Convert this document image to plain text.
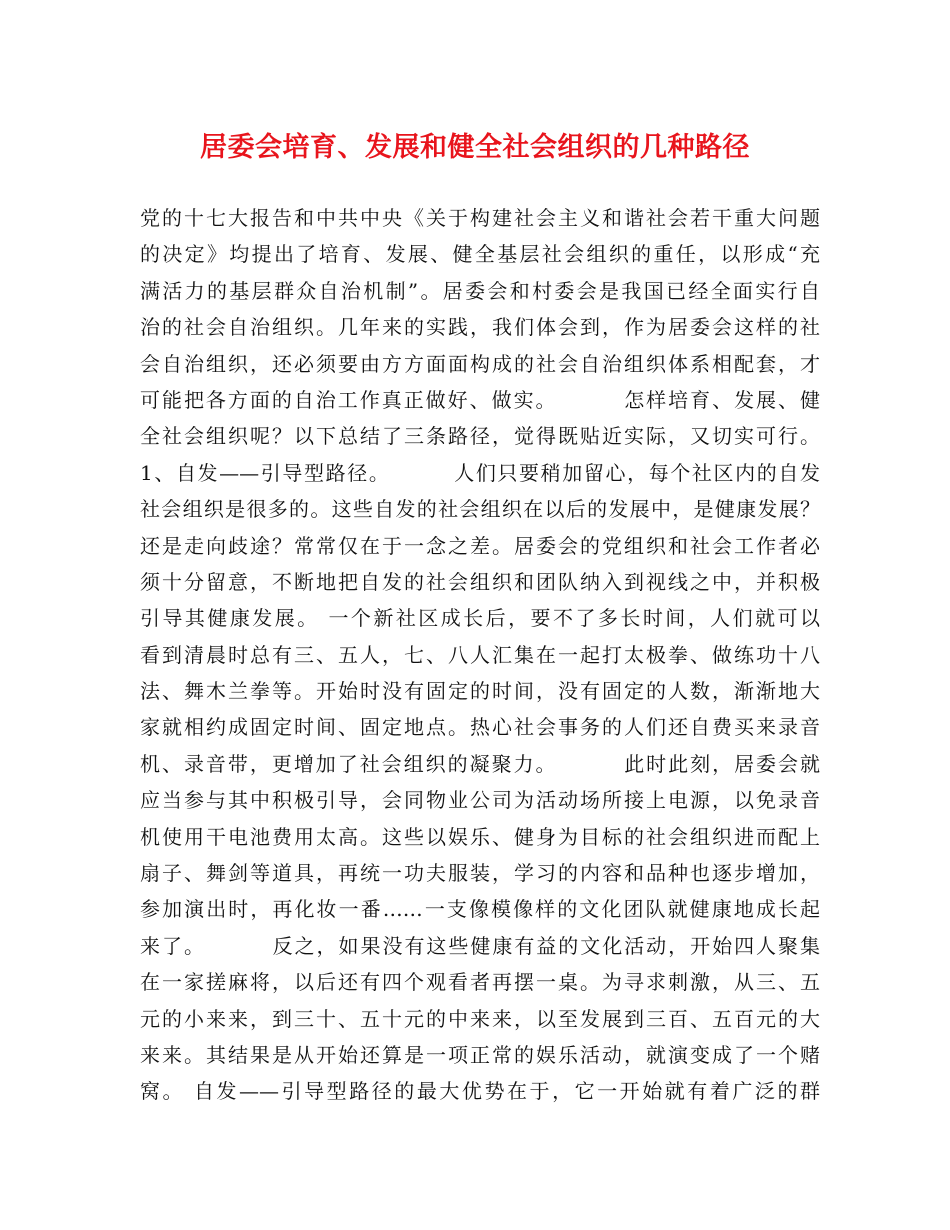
居委会培育、发展和健全社会组织的几种路径
党的十七大报告和中共中央《关于构建社会主义和谐社会若干重大问题
的决定》均提出了培育、发展、健全基层社会组织的重任，以形成“充
满活力的基层群众自治机制”。居委会和村委会是我国已经全面实行自
治的社会自治组织。几年来的实践，我们体会到，作为居委会这样的社
会自治组织，还必须要由方方面面构成的社会自治组织体系相配套，才
可能把各方面的自治工作真正做好、做实。        怎样培育、发展、健
全社会组织呢？以下总结了三条路径，觉得既贴近实际，又切实可行。
1、自发——引导型路径。        人们只要稍加留心，每个社区内的自发
社会组织是很多的。这些自发的社会组织在以后的发展中，是健康发展？
还是走向歧途？常常仅在于一念之差。居委会的党组织和社会工作者必
须十分留意，不断地把自发的社会组织和团队纳入到视线之中，并积极
引导其健康发展。 一个新社区成长后，要不了多长时间，人们就可以
看到清晨时总有三、五人，七、八人汇集在一起打太极拳、做练功十八
法、舞木兰拳等。开始时没有固定的时间，没有固定的人数，渐渐地大
家就相约成固定时间、固定地点。热心社会事务的人们还自费买来录音
机、录音带，更增加了社会组织的凝聚力。        此时此刻，居委会就
应当参与其中积极引导，会同物业公司为活动场所接上电源，以免录音
机使用干电池费用太高。这些以娱乐、健身为目标的社会组织进而配上
扇子、舞剑等道具，再统一功夫服装，学习的内容和品种也逐步增加，
参加演出时，再化妆一番……一支像模像样的文化团队就健康地成长起
来了。        反之，如果没有这些健康有益的文化活动，开始四人聚集
在一家搓麻将，以后还有四个观看者再摆一桌。为寻求刺激，从三、五
元的小来来，到三十、五十元的中来来，以至发展到三百、五百元的大
来来。其结果是从开始还算是一项正常的娱乐活动，就演变成了一个赌
窝。 自发——引导型路径的最大优势在于，它一开始就有着广泛的群
